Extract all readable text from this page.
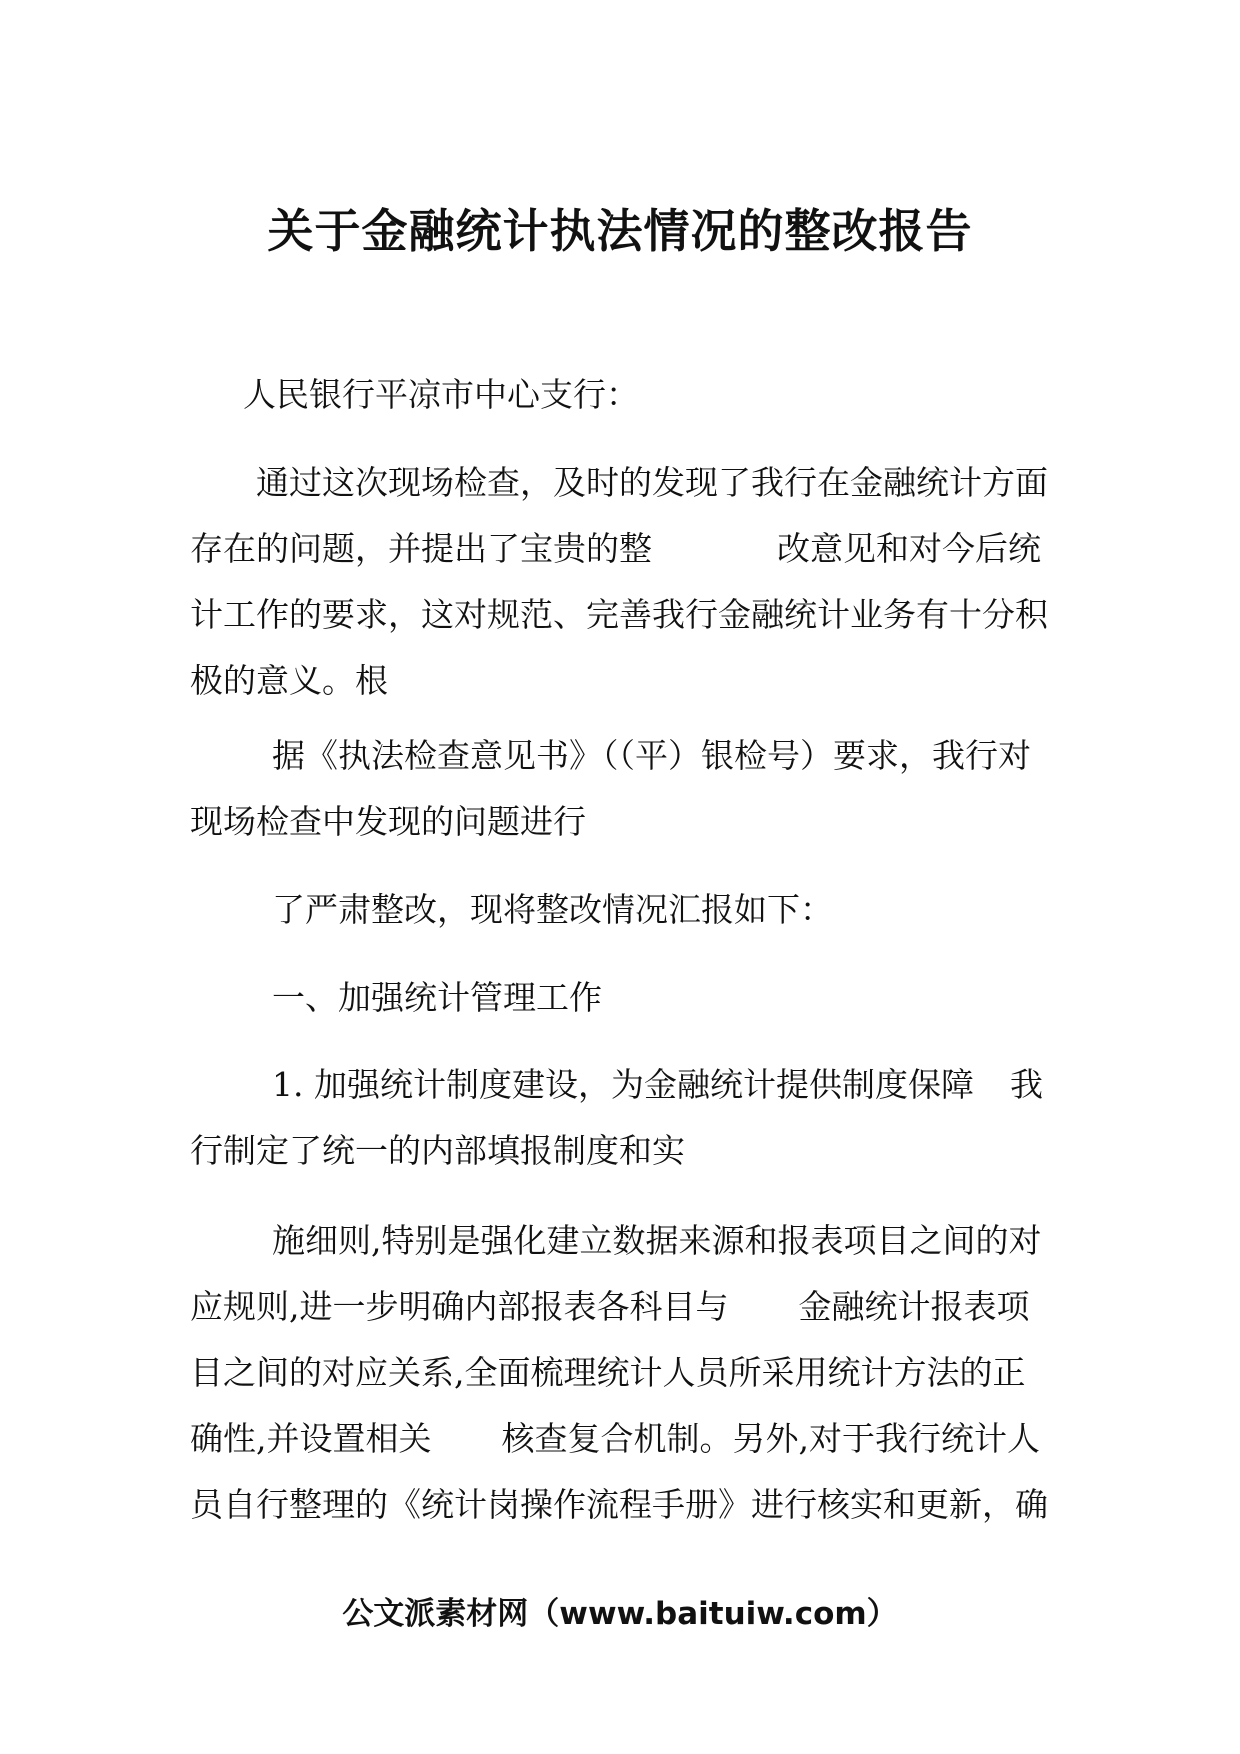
关于金融统计执法情况的整改报告

人民银行平凉市中心支行：

通过这次现场检查，及时的发现了我行在金融统计方面存在的问题，并提出了宝贵的整	改意见和对今后统计工作的要求，这对规范、完善我行金融统计业务有十分积极的意义。根

据《执法检查意见书》（（平）银检号）要求，我行对现场检查中发现的问题进行

了严肃整改，现将整改情况汇报如下：

一、加强统计管理工作

1. 加强统计制度建设，为金融统计提供制度保障 我行制定了统一的内部填报制度和实

施细则,特别是强化建立数据来源和报表项目之间的对应规则,进一步明确内部报表各科目与 金融统计报表项目之间的对应关系,全面梳理统计人员所采用统计方法的正确性,并设置相关 核查复合机制。另外,对于我行统计人员自行整理的《统计岗操作流程手册》进行核实和更新，确

公文派素材网（www.baituiw.com）
